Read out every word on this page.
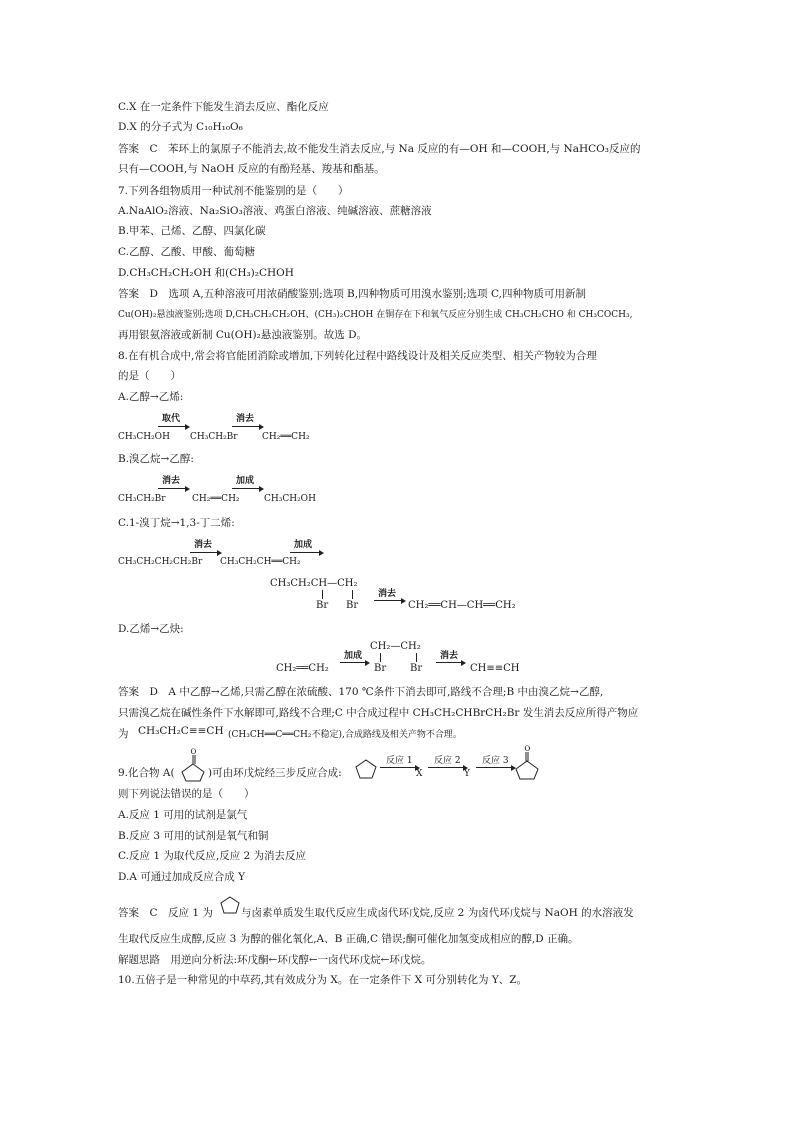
C.X 在一定条件下能发生消去反应、酯化反应
D.X 的分子式为 C₁₀H₁₀O₆
答案　C　苯环上的氯原子不能消去,故不能发生消去反应,与 Na 反应的有—OH 和—COOH,与 NaHCO₃反应的
只有—COOH,与 NaOH 反应的有酚羟基、羧基和酯基。
7.下列各组物质用一种试剂不能鉴别的是（　　）
A.NaAlO₂溶液、Na₂SiO₃溶液、鸡蛋白溶液、纯碱溶液、蔗糖溶液
B.甲苯、己烯、乙醇、四氯化碳
C.乙醇、乙酸、甲酸、葡萄糖
D.CH₃CH₂CH₂OH 和(CH₃)₂CHOH
答案　D　选项 A,五种溶液可用浓硝酸鉴别;选项 B,四种物质可用溴水鉴别;选项 C,四种物质可用新制
Cu(OH)₂悬浊液鉴别;选项 D,CH₃CH₂CH₂OH、(CH₃)₂CHOH 在铜存在下和氧气反应分别生成 CH₃CH₂CHO 和 CH₃COCH₃,
再用银氨溶液或新制 Cu(OH)₂悬浊液鉴别。故选 D。
8.在有机合成中,常会将官能团消除或增加,下列转化过程中路线设计及相关反应类型、相关产物较为合理
的是（　　）
A.乙醇→乙烯:
取代	消去
CH₃CH₂OH CH₃CH₂Br	CH₂══CH₂
B.溴乙烷→乙醇:
消去	加成
CH₃CH₂Br	CH₂══CH₂	CH₃CH₂OH
C.1-溴丁烷→1,3-丁二烯:
消去	加成
CH₃CH₂CH₂CH₂Br CH₃CH₂CH══CH₂
CH₃CH₂CH—CH₂
Br Br
消去
CH₂══CH—CH══CH₂
D.乙烯→乙炔:
CH₂—CH₂
Br Br
加成	消去
CH₂══CH₂	CH≡≡CH
答案　D　A 中乙醇→乙烯,只需乙醇在浓硫酸、170 ℃条件下消去即可,路线不合理;B 中由溴乙烷→乙醇,
只需溴乙烷在碱性条件下水解即可,路线不合理;C 中合成过程中 CH₃CH₂CHBrCH₂Br 发生消去反应所得产物应
为 CH₃CH₂C≡≡CH (CH₃CH══C══CH₂不稳定),合成路线及相关产物不合理。
9.化合物 A(
O
)可由环戊烷经三步反应合成:
反应 1 反应 2 反应 3
X	Y
O
则下列说法错误的是（　　）
A.反应 1 可用的试剂是氯气
B.反应 3 可用的试剂是氧气和铜
C.反应 1 为取代反应,反应 2 为消去反应
D.A 可通过加成反应合成 Y
答案　C　反应 1 为	与卤素单质发生取代反应生成卤代环戊烷,反应 2 为卤代环戊烷与 NaOH 的水溶液发
生取代反应生成醇,反应 3 为醇的催化氧化,A、B 正确,C 错误;酮可催化加氢变成相应的醇,D 正确。
解题思路　用逆向分析法:环戊酮←环戊醇←一卤代环戊烷←环戊烷。
10.五倍子是一种常见的中草药,其有效成分为 X。在一定条件下 X 可分别转化为 Y、Z。
